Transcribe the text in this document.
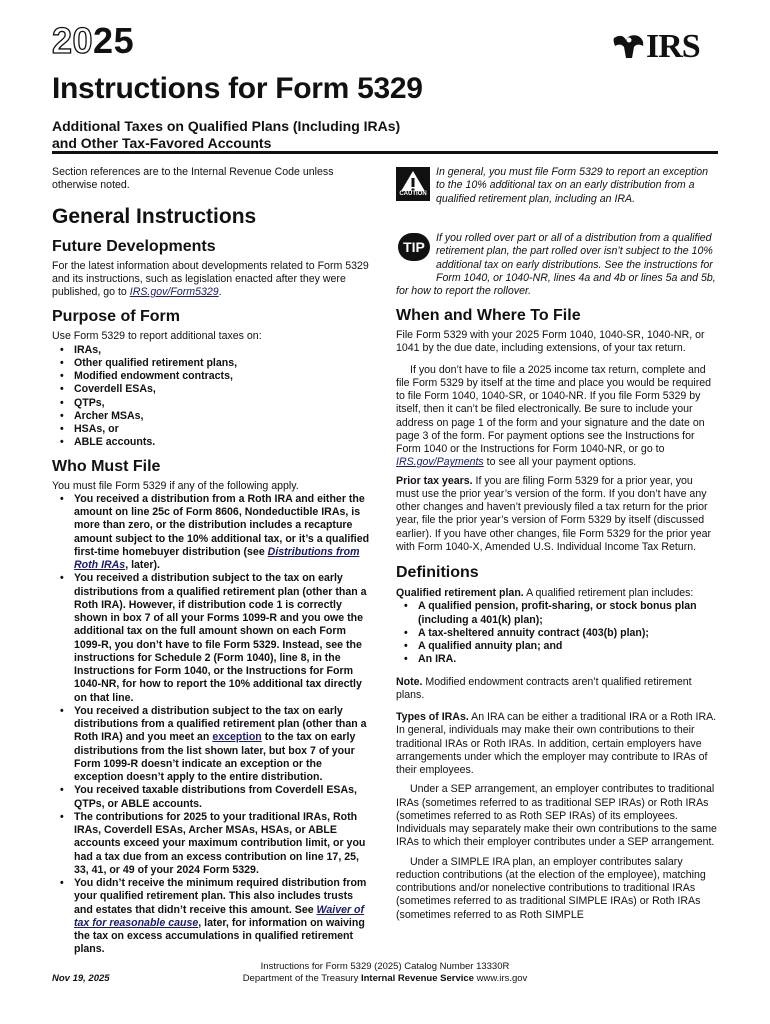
2025	IRS
Instructions for Form 5329
Additional Taxes on Qualified Plans (Including IRAs)
and Other Tax-Favored Accounts

Section references are to the Internal Revenue Code unless otherwise noted.

General Instructions

Future Developments

For the latest information about developments related to Form 5329 and its instructions, such as legislation enacted after they were published, go to IRS.gov/Form5329.

Purpose of Form

Use Form 5329 to report additional taxes on:

• IRAs,
• Other qualified retirement plans,
• Modified endowment contracts,
• Coverdell ESAs,
• QTPs,
• Archer MSAs,
• HSAs, or
• ABLE accounts.

Who Must File

You must file Form 5329 if any of the following apply.

• You received a distribution from a Roth IRA and either the amount on line 25c of Form 8606, Nondeductible IRAs, is more than zero, or the distribution includes a recapture amount subject to the 10% additional tax, or it’s a qualified first-time homebuyer distribution (see Distributions from Roth IRAs, later).
• You received a distribution subject to the tax on early distributions from a qualified retirement plan (other than a Roth IRA). However, if distribution code 1 is correctly shown in box 7 of all your Forms 1099-R and you owe the additional tax on the full amount shown on each Form 1099-R, you don’t have to file Form 5329. Instead, see the instructions for Schedule 2 (Form 1040), line 8, in the Instructions for Form 1040, or the Instructions for Form 1040-NR, for how to report the 10% additional tax directly on that line.
• You received a distribution subject to the tax on early distributions from a qualified retirement plan (other than a Roth IRA) and you meet an exception to the tax on early distributions from the list shown later, but box 7 of your Form 1099-R doesn’t indicate an exception or the exception doesn’t apply to the entire distribution.
• You received taxable distributions from Coverdell ESAs, QTPs, or ABLE accounts.
• The contributions for 2025 to your traditional IRAs, Roth IRAs, Coverdell ESAs, Archer MSAs, HSAs, or ABLE accounts exceed your maximum contribution limit, or you had a tax due from an excess contribution on line 17, 25, 33, 41, or 49 of your 2024 Form 5329.
• You didn’t receive the minimum required distribution from your qualified retirement plan. This also includes trusts and estates that didn’t receive this amount. See Waiver of tax for reasonable cause, later, for information on waiving the tax on excess accumulations in qualified retirement plans.
CAUTION
In general, you must file Form 5329 to report an exception to the 10% additional tax on an early distribution from a qualified retirement plan, including an IRA.
TIP
If you rolled over part or all of a distribution from a qualified retirement plan, the part rolled over isn’t subject to the 10% additional tax on early distributions. See the instructions for Form 1040, or 1040-NR, lines 4a and 4b or lines 5a and 5b, for how to report the rollover.

When and Where To File

File Form 5329 with your 2025 Form 1040, 1040-SR, 1040-NR, or 1041 by the due date, including extensions, of your tax return.

If you don’t have to file a 2025 income tax return, complete and file Form 5329 by itself at the time and place you would be required to file Form 1040, 1040-SR, or 1040-NR. If you file Form 5329 by itself, then it can’t be filed electronically. Be sure to include your address on page 1 of the form and your signature and the date on page 3 of the form. For payment options see the Instructions for Form 1040 or the Instructions for Form 1040-NR, or go to IRS.gov/Payments to see all your payment options.

Prior tax years. If you are filing Form 5329 for a prior year, you must use the prior year’s version of the form. If you don’t have any other changes and haven’t previously filed a tax return for the prior year, file the prior year’s version of Form 5329 by itself (discussed earlier). If you have other changes, file Form 5329 for the prior year with Form 1040-X, Amended U.S. Individual Income Tax Return.

Definitions

Qualified retirement plan. A qualified retirement plan includes:

• A qualified pension, profit-sharing, or stock bonus plan (including a 401(k) plan);
• A tax-sheltered annuity contract (403(b) plan);
• A qualified annuity plan; and
• An IRA.

Note. Modified endowment contracts aren’t qualified retirement plans.

Types of IRAs. An IRA can be either a traditional IRA or a Roth IRA. In general, individuals may make their own contributions to their traditional IRAs or Roth IRAs. In addition, certain employers have arrangements under which the employer may contribute to IRAs of their employees.

Under a SEP arrangement, an employer contributes to traditional IRAs (sometimes referred to as traditional SEP IRAs) or Roth IRAs (sometimes referred to as Roth SEP IRAs) of its employees. Individuals may separately make their own contributions to the same IRAs to which their employer contributes under a SEP arrangement.

Under a SIMPLE IRA plan, an employer contributes salary reduction contributions (at the election of the employee), matching contributions and/or nonelective contributions to traditional IRAs (sometimes referred to as traditional SIMPLE IRAs) or Roth IRAs (sometimes referred to as Roth SIMPLE

Nov 19, 2025
Instructions for Form 5329 (2025) Catalog Number 13330R
Department of the Treasury Internal Revenue Service www.irs.gov
